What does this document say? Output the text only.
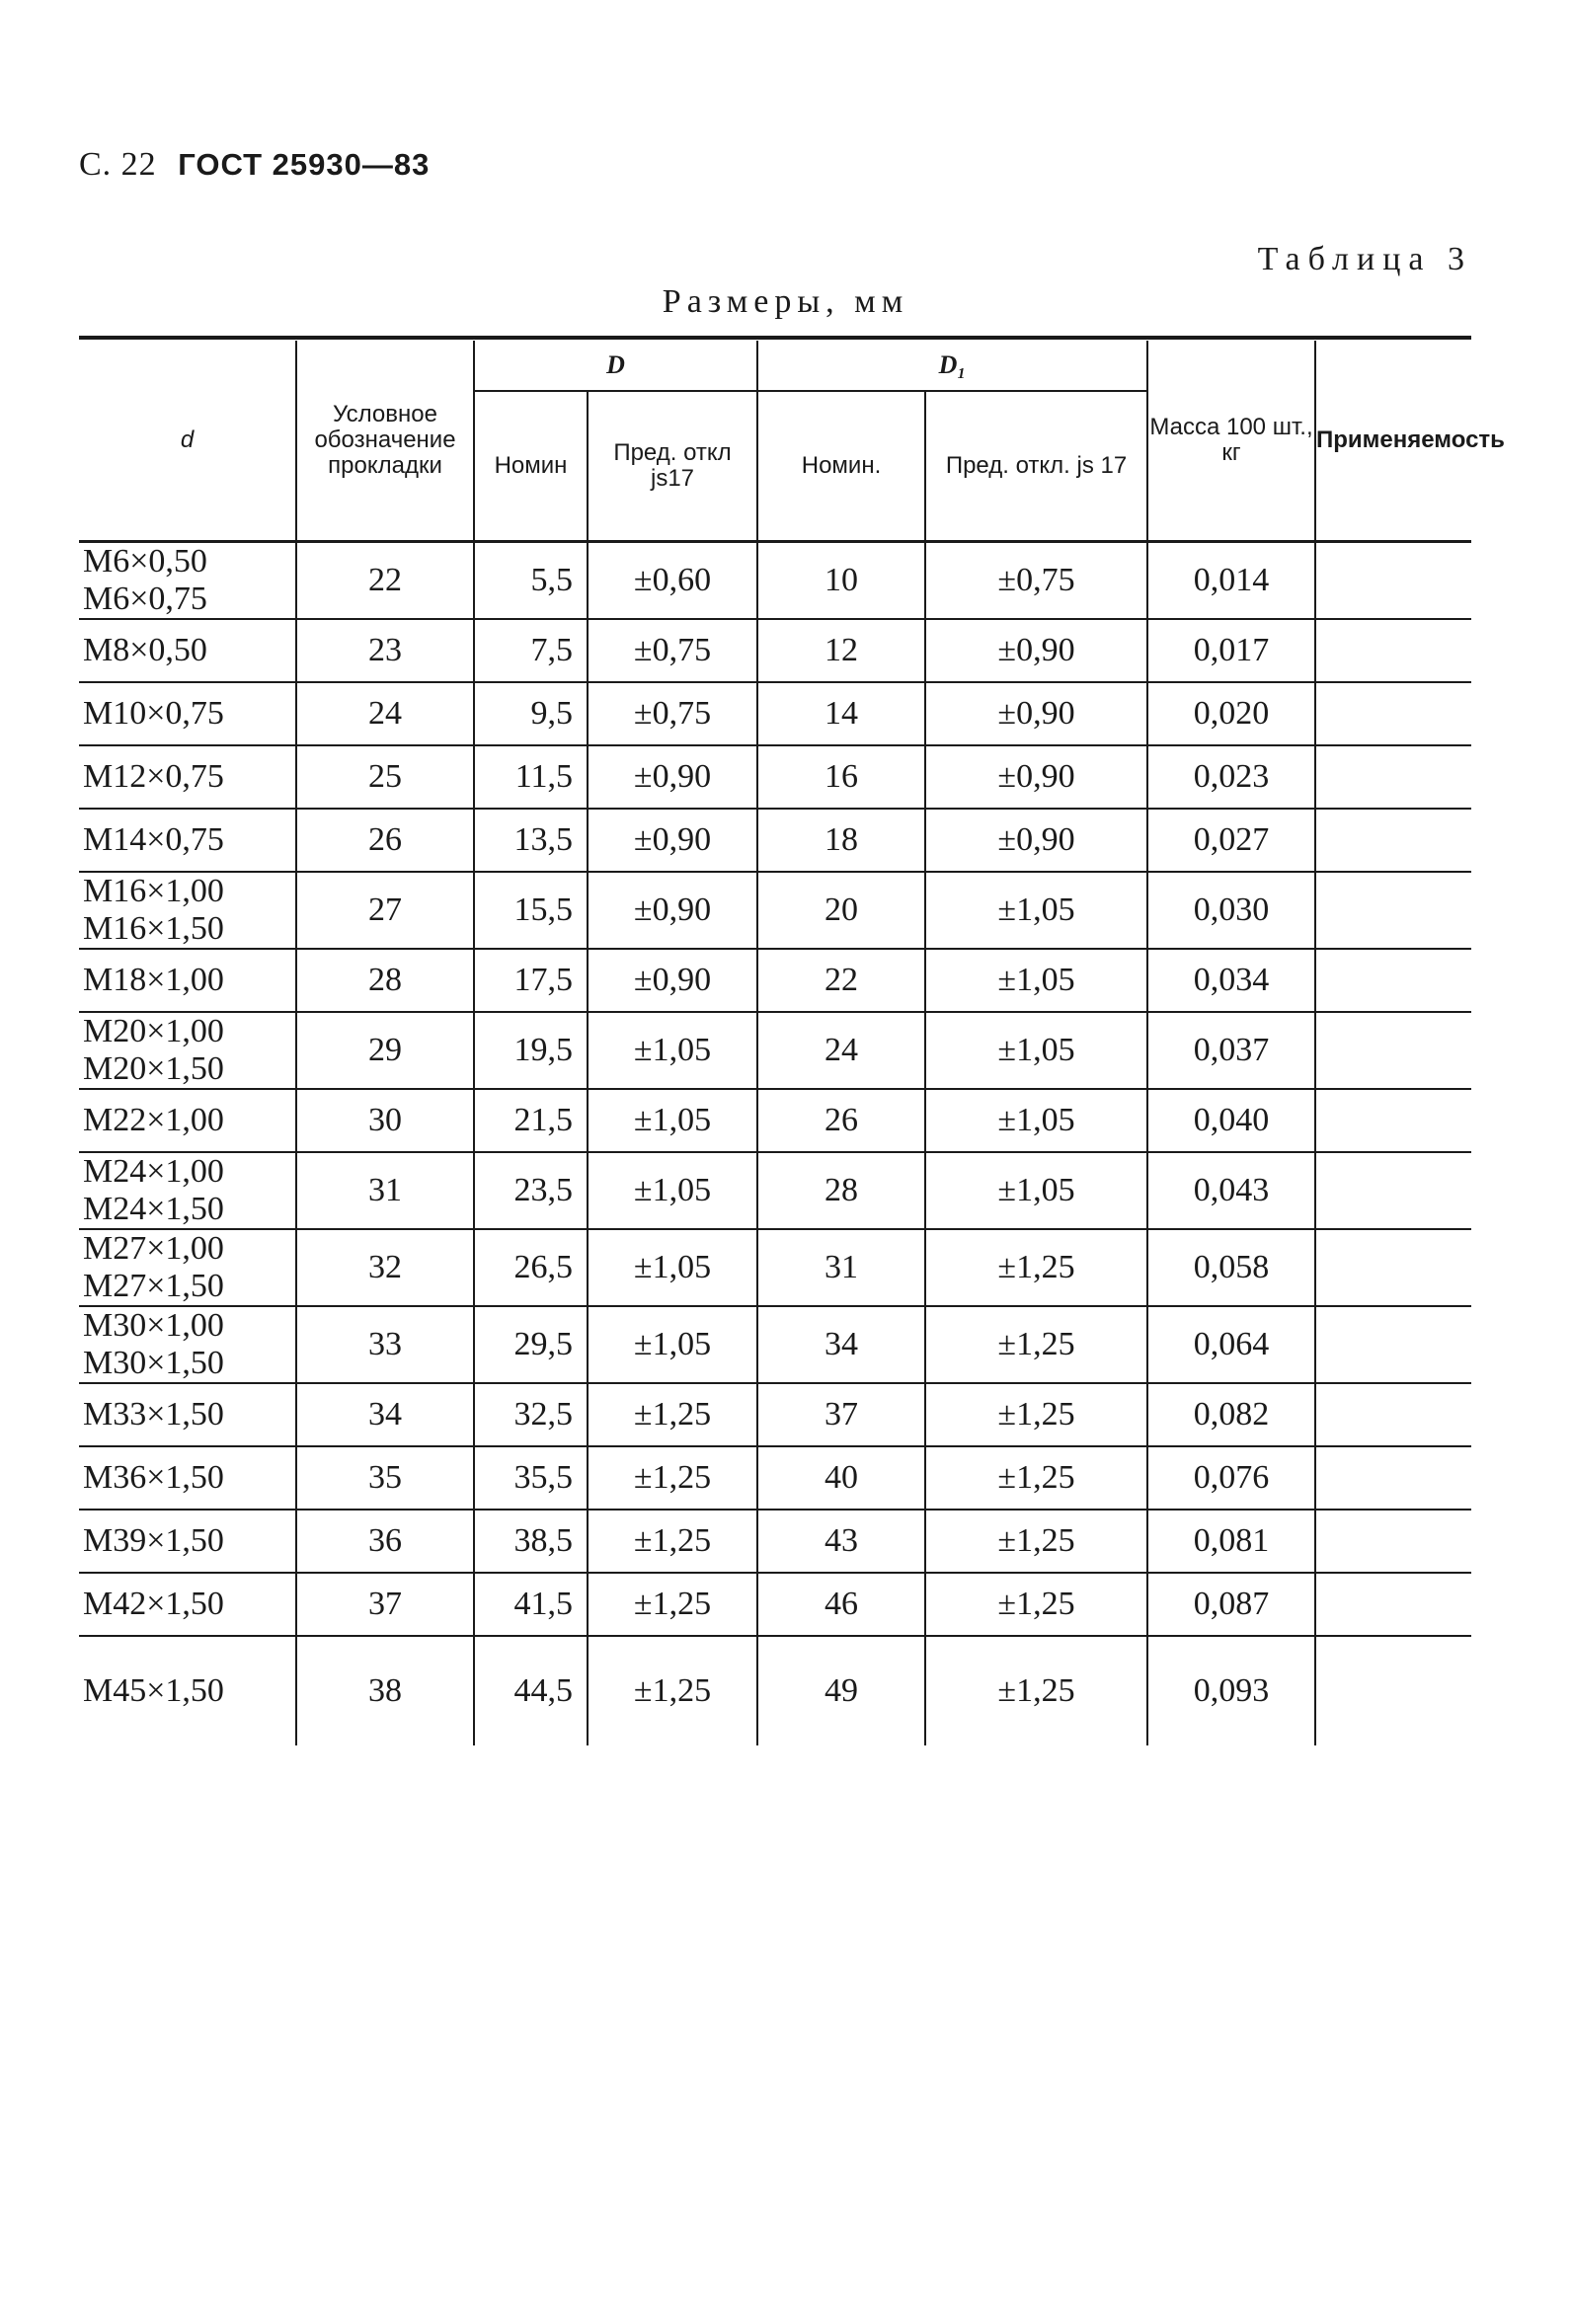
С. 22 ГОСТ 25930—83
Таблица 3
Размеры, мм
d	Условное обозначение прокладки	D		D₁		Масса 100 шт., кг	Применяемость
		Номин	Пред. откл js17	Номин.	Пред. откл. js 17		

M6×0,50
M6×0,75	22	5,5	±0,60	10	±0,75	0,014	

M8×0,50	23	7,5	±0,75	12	±0,90	0,017	

M10×0,75	24	9,5	±0,75	14	±0,90	0,020	

M12×0,75	25	11,5	±0,90	16	±0,90	0,023	

M14×0,75	26	13,5	±0,90	18	±0,90	0,027	

M16×1,00
M16×1,50	27	15,5	±0,90	20	±1,05	0,030	

M18×1,00	28	17,5	±0,90	22	±1,05	0,034	

M20×1,00
M20×1,50	29	19,5	±1,05	24	±1,05	0,037	

M22×1,00	30	21,5	±1,05	26	±1,05	0,040	

M24×1,00
M24×1,50	31	23,5	±1,05	28	±1,05	0,043	

M27×1,00
M27×1,50	32	26,5	±1,05	31	±1,25	0,058	

M30×1,00
M30×1,50	33	29,5	±1,05	34	±1,25	0,064	

M33×1,50	34	32,5	±1,25	37	±1,25	0,082	

M36×1,50	35	35,5	±1,25	40	±1,25	0,076	

M39×1,50	36	38,5	±1,25	43	±1,25	0,081	

M42×1,50	37	41,5	±1,25	46	±1,25	0,087	

M45×1,50	38	44,5	±1,25	49	±1,25	0,093	
